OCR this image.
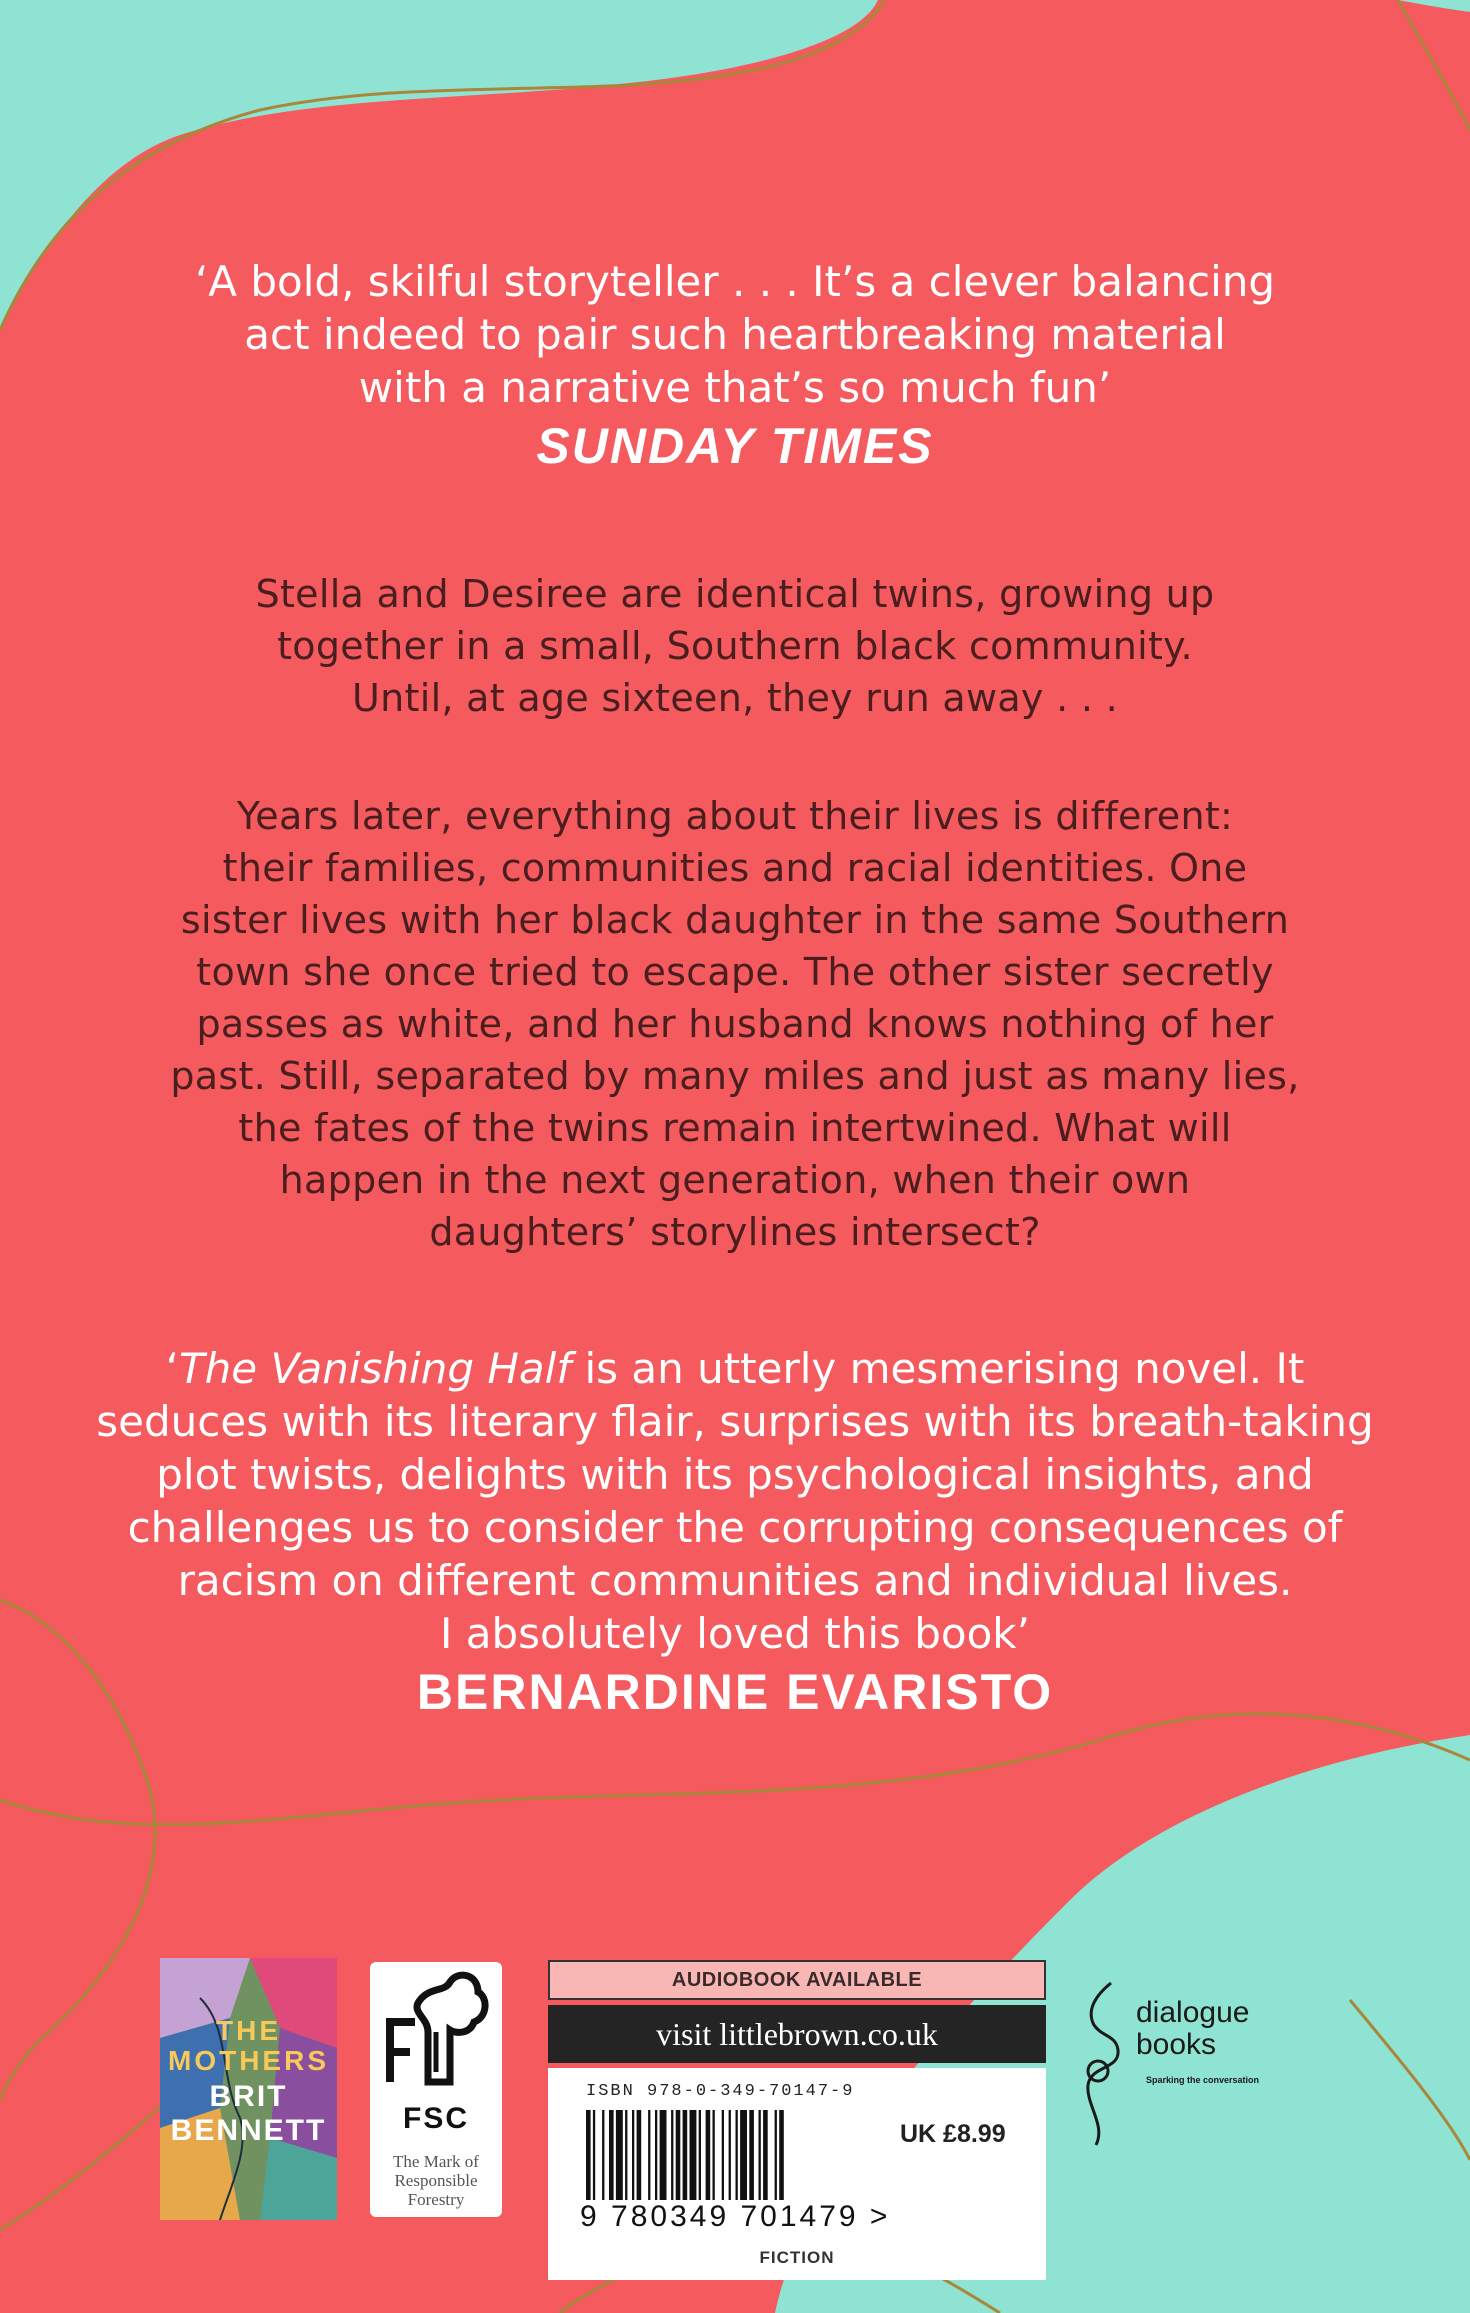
‘A bold, skilful storyteller . . . It’s a clever balancing
act indeed to pair such heartbreaking material
with a narrative that’s so much fun’
SUNDAY TIMES
Stella and Desiree are identical twins, growing up
together in a small, Southern black community.
Until, at age sixteen, they run away . . .
Years later, everything about their lives is different:
their families, communities and racial identities. One
sister lives with her black daughter in the same Southern
town she once tried to escape. The other sister secretly
passes as white, and her husband knows nothing of her
past. Still, separated by many miles and just as many lies,
the fates of the twins remain intertwined. What will
happen in the next generation, when their own
daughters’ storylines intersect?
‘The Vanishing Half is an utterly mesmerising novel. It
seduces with its literary flair, surprises with its breath-taking
plot twists, delights with its psychological insights, and
challenges us to consider the corrupting consequences of
racism on different communities and individual lives.
I absolutely loved this book’
BERNARDINE EVARISTO
THE
MOTHERS
BRIT
BENNETT	FSC
The Mark of
Responsible
Forestry
AUDIOBOOK AVAILABLE
visit littlebrown.co.uk
ISBN 978-0-349-70147-9
UK £8.99
9 780349 701479 >
FICTION
dialogue
books
Sparking the conversation
